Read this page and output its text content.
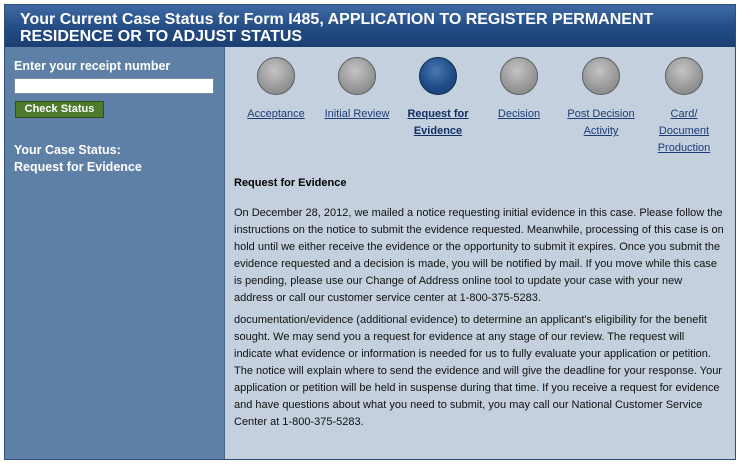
Your Current Case Status for Form I485, APPLICATION TO REGISTER PERMANENT RESIDENCE OR TO ADJUST STATUS
Enter your receipt number
Check Status
Your Case Status:
Request for Evidence
Acceptance	Initial Review	Request for Evidence
Decision	Post Decision Activity
Card/ Document Production
Request for Evidence

On December 28, 2012, we mailed a notice requesting initial evidence in this case. Please follow the instructions on the notice to submit the evidence requested. Meanwhile, processing of this case is on hold until we either receive the evidence or the opportunity to submit it expires. Once you submit the evidence requested and a decision is made, you will be notified by mail. If you move while this case is pending, please use our Change of Address online tool to update your case with your new address or call our customer service center at 1-800-375-5283.

documentation/evidence (additional evidence) to determine an applicant's eligibility for the benefit sought. We may send you a request for evidence at any stage of our review. The request will indicate what evidence or information is needed for us to fully evaluate your application or petition. The notice will explain where to send the evidence and will give the deadline for your response. Your application or petition will be held in suspense during that time. If you receive a request for evidence and have questions about what you need to submit, you may call our National Customer Service Center at 1-800-375-5283.
